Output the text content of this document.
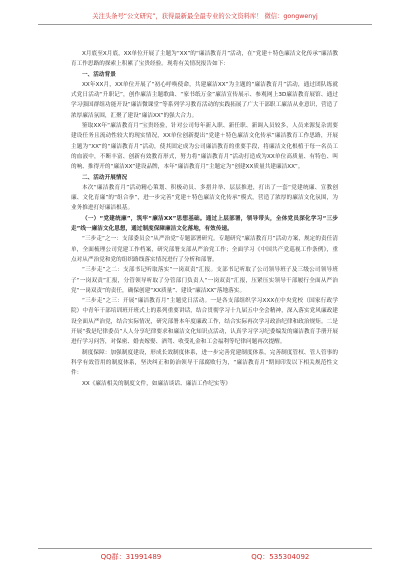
关注头条号“公文研究”，获得最新最全最专业的公文资料库！ 微信：gongwenyj

X月底至X月底，XX单位开展了主题为“XX”的“廉洁教育月”活动，在“党建＋特色廉洁文化传承”廉洁教育工作思路的探索上积累了宝贵经验。现将有关情况报告如下：

一、活动背景

XX年XX月，XX单位开展了“初心呼唤使命，共建廉洁XX”为主题的“廉洁教育月”活动，通过团队练就式党日活动“升职记”，创作廉洁主题歌曲、“家书纸万金”廉洁宣传展示、参观网上3D廉洁教育展馆、通过学习强国群组功能开设“廉洁微课堂”等系列学习教育活动的实践拓展了广大干部职工廉洁从业意识，营造了浓厚廉洁氛围，汇聚了建设“廉洁XX”的强大合力。

鉴取XX年“廉洁教育月”宝贵经验，针对公司每年新入职、新任职、新调入员较多，人员来源复杂需要建设任务且流动性较大的现实情况，XX单位创新提出“党建＋特色廉洁文化传承”廉洁教育工作思路，开展主题为“XX”的“廉洁教育月”活动，使其固定成为公司廉洁教育的重要手段，将廉洁文化根植于每一名员工的血液中，不断丰富、创新有效教育形式，努力将“廉洁教育月”活动打造成为XX单位高质量、有特色、叫的响、推得开的“廉洁XX”建设品牌，本年“廉洁教育月”主题定为“创建XX质量共建廉洁XX”。

二、活动开展情况

本次“廉洁教育月”活动精心策划、积极动员、多措并举、层层推进，打出了一套“党建统廉、宣教创廉、文化育廉”的“组合拳”，进一步完善“党建＋特色廉洁文化传承”模式，营造了浓厚的廉洁文化氛围，为业务推进打好廉洁根基。

（一）“党建统廉”，筑牢“廉洁XX”思想基础。通过上层部署，领导带头，全体党员深化学习“三步走”线一廉洁文化思想，通过制度保障廉洁文化落地，有效传递。

“三步走”之一：支部委员会“从严治党”专题部署研究。专题研究“廉洁教育月”活动方案，规定的责任清单，全面梳理公司党建工作档案，研究部署支部从严治党工作；全面学习《中国共产党巡视工作条例》，重点对从严治党和党的组织路线落实情况进行了分析和部署。

“三步走”之二：支部书记听取落实“一岗双责”汇报。支部书记听取了公司领导班子及三级公司领导班子“一岗双责”汇报，分管领导听取了分管部门负责人“一岗双责”汇报，压紧压实领导干部履行全面从严治党“一岗双责”的责任，确保创建“XX质量”、建设“廉洁XX”落地落实。

“三步走”之三：开展“廉洁教育月”主题党日活动。一是各支部组织学习XXX在中央党校（国家行政学院）中青年干部培训班开班式上的系列重要讲话，结合贯彻学习十九届五中全会精神，深入落实党风廉政建设全面从严治党，结合实际情况，研究部署本年度廉政工作，结合实际再次学习政治纪律和政治规矩。二是开展“我是纪律委员”人人分享纪律要求和廉洁文化知识点活动，认真学习学习纪委编发的廉洁教育手册开展进行学习问答，对保密、婚丧嫁娶、酒驾、收受礼金和工会福利等纪律问题再次提醒。

制度保障：加强制度建设，形成长效制度体系，进一步完善党建制度体系，完善制度管权、管人管事的科学有效管用的制度体系，坚决纠正和防治领导干部腐败行为，“廉洁教育月”期间印发以下相关规范性文件：

XX《廉洁相关的制度文件，如廉洁谈话、廉洁工作纪实等》

QQ群：31991489	QQ：535304092
